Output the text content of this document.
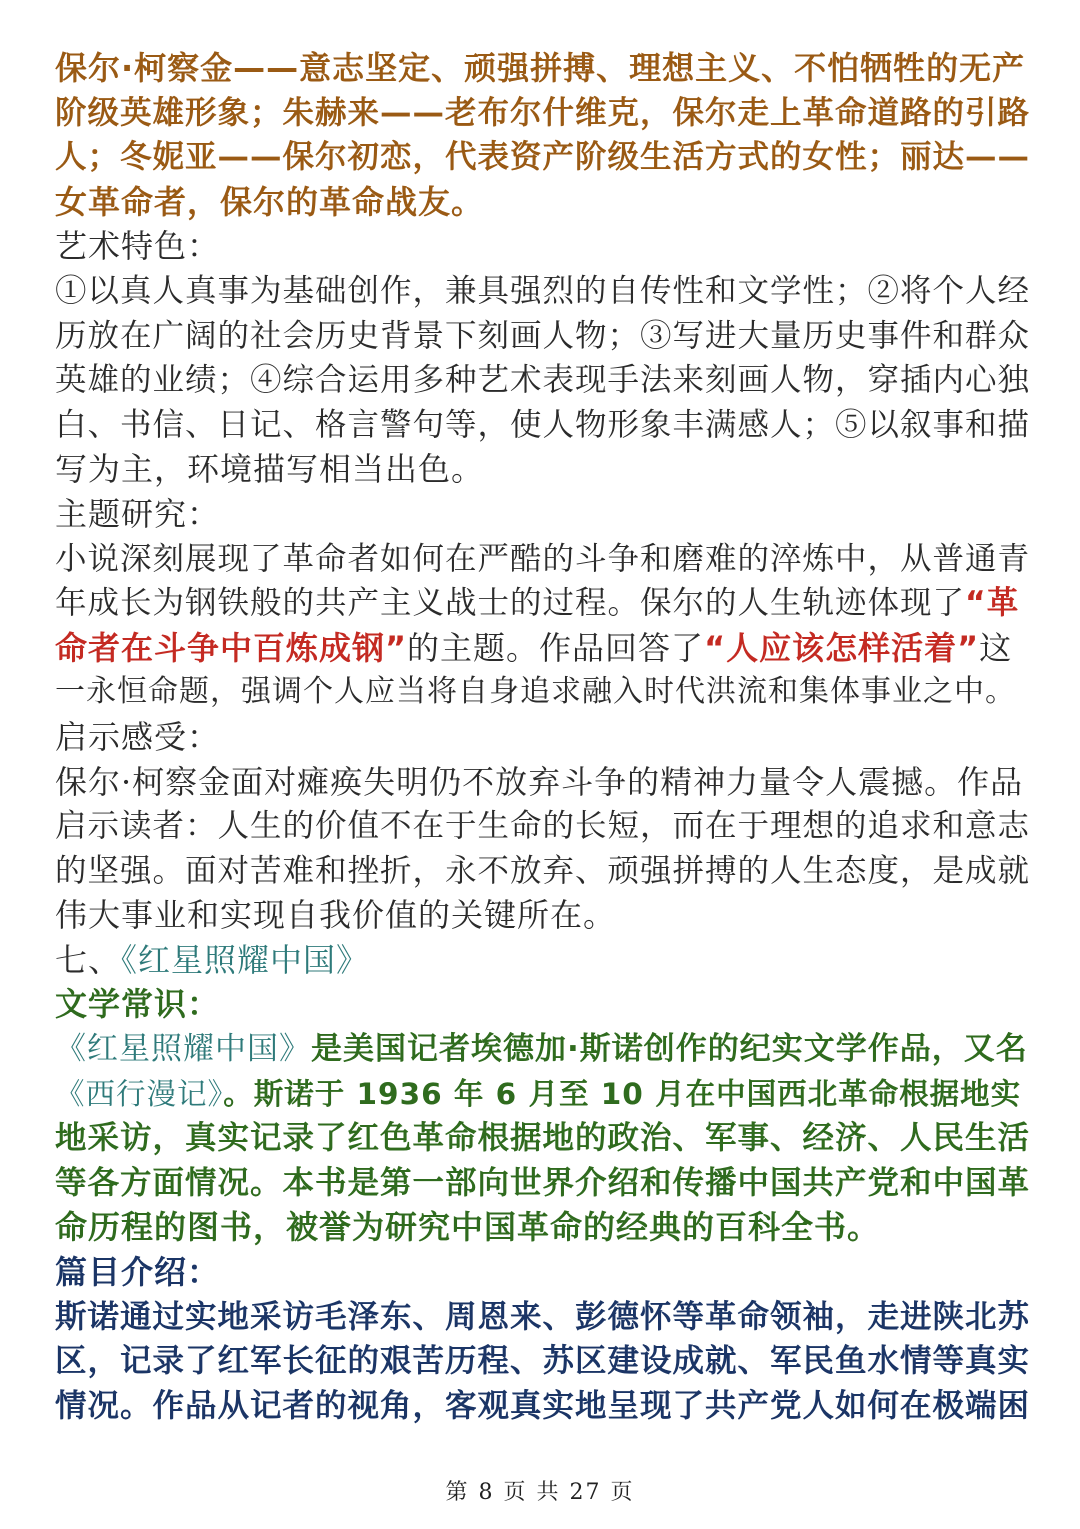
保尔·柯察金——意志坚定、顽强拼搏、理想主义、不怕牺牲的无产
阶级英雄形象；朱赫来——老布尔什维克，保尔走上革命道路的引路
人；冬妮亚——保尔初恋，代表资产阶级生活方式的女性；丽达——
女革命者，保尔的革命战友。
艺术特色：
①以真人真事为基础创作，兼具强烈的自传性和文学性；②将个人经
历放在广阔的社会历史背景下刻画人物；③写进大量历史事件和群众
英雄的业绩；④综合运用多种艺术表现手法来刻画人物，穿插内心独
白、书信、日记、格言警句等，使人物形象丰满感人；⑤以叙事和描
写为主，环境描写相当出色。
主题研究：
小说深刻展现了革命者如何在严酷的斗争和磨难的淬炼中，从普通青
年成长为钢铁般的共产主义战士的过程。保尔的人生轨迹体现了“革
命者在斗争中百炼成钢”的主题。作品回答了“人应该怎样活着”这
一永恒命题，强调个人应当将自身追求融入时代洪流和集体事业之中。
启示感受：
保尔·柯察金面对瘫痪失明仍不放弃斗争的精神力量令人震撼。作品
启示读者：人生的价值不在于生命的长短，而在于理想的追求和意志
的坚强。面对苦难和挫折，永不放弃、顽强拼搏的人生态度，是成就
伟大事业和实现自我价值的关键所在。
七、《红星照耀中国》
文学常识：
《红星照耀中国》是美国记者埃德加·斯诺创作的纪实文学作品，又名
《西行漫记》。斯诺于 1936 年 6 月至 10 月在中国西北革命根据地实
地采访，真实记录了红色革命根据地的政治、军事、经济、人民生活
等各方面情况。本书是第一部向世界介绍和传播中国共产党和中国革
命历程的图书，被誉为研究中国革命的经典的百科全书。
篇目介绍：
斯诺通过实地采访毛泽东、周恩来、彭德怀等革命领袖，走进陕北苏
区，记录了红军长征的艰苦历程、苏区建设成就、军民鱼水情等真实
情况。作品从记者的视角，客观真实地呈现了共产党人如何在极端困
第 8 页 共 27 页
